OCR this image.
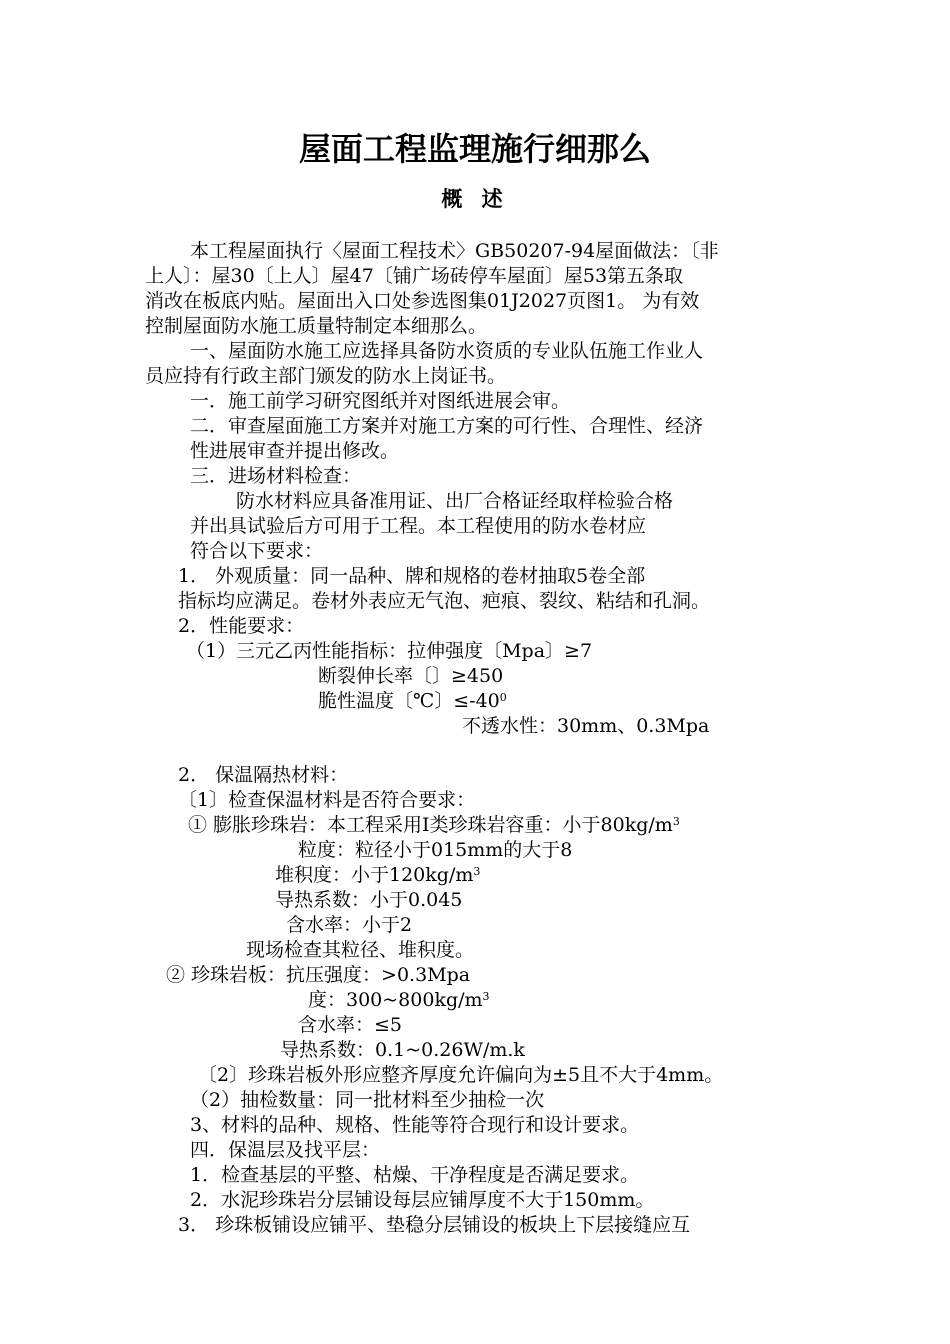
屋面工程监理施行细那么
概 述
本工程屋面执行〈屋面工程技术〉GB50207-94屋面做法：〔非
上人〕：屋30〔上人〕屋47〔铺广场砖停车屋面〕屋53第五条取
消改在板底内贴。屋面出入口处参选图集01J2027页图1。 为有效
控制屋面防水施工质量特制定本细那么。
一、屋面防水施工应选择具备防水资质的专业队伍施工作业人
员应持有行政主部门颁发的防水上岗证书。
一．施工前学习研究图纸并对图纸进展会审。
二．审查屋面施工方案并对施工方案的可行性、合理性、经济
性进展审查并提出修改。
三．进场材料检查：
防水材料应具备准用证、出厂合格证经取样检验合格
并出具试验后方可用于工程。本工程使用的防水卷材应
符合以下要求：
1． 外观质量：同一品种、牌和规格的卷材抽取5卷全部
指标均应满足。卷材外表应无气泡、疤痕、裂纹、粘结和孔洞。
2．性能要求：
（1）三元乙丙性能指标：拉伸强度〔Mpa〕≥7
断裂伸长率〔〕≥450
脆性温度〔℃〕$\le-40^0$
不透水性：30mm、0.3Mpa
2． 保温隔热材料：
〔1〕检查保温材料是否符合要求：
① 膨胀珍珠岩：本工程采用I类珍珠岩容重：小于$80kg/m^3$
粒度：粒径小于015mm的大于8
堆积度：小于$120kg/m^3$
导热系数：小于0.045
含水率：小于2
现场检查其粒径、堆积度。
② 珍珠岩板：抗压强度：>0.3Mpa
度：$300\sim 800kg/m^3$
含水率：≤5
导热系数：0.1~0.26W/m.k
〔2〕珍珠岩板外形应整齐厚度允许偏向为±5且不大于4mm。
（2）抽检数量：同一批材料至少抽检一次
3、材料的品种、规格、性能等符合现行和设计要求。
四．保温层及找平层：
1．检查基层的平整、枯燥、干净程度是否满足要求。
2．水泥珍珠岩分层铺设每层应铺厚度不大于150mm。
3． 珍珠板铺设应铺平、垫稳分层铺设的板块上下层接缝应互
